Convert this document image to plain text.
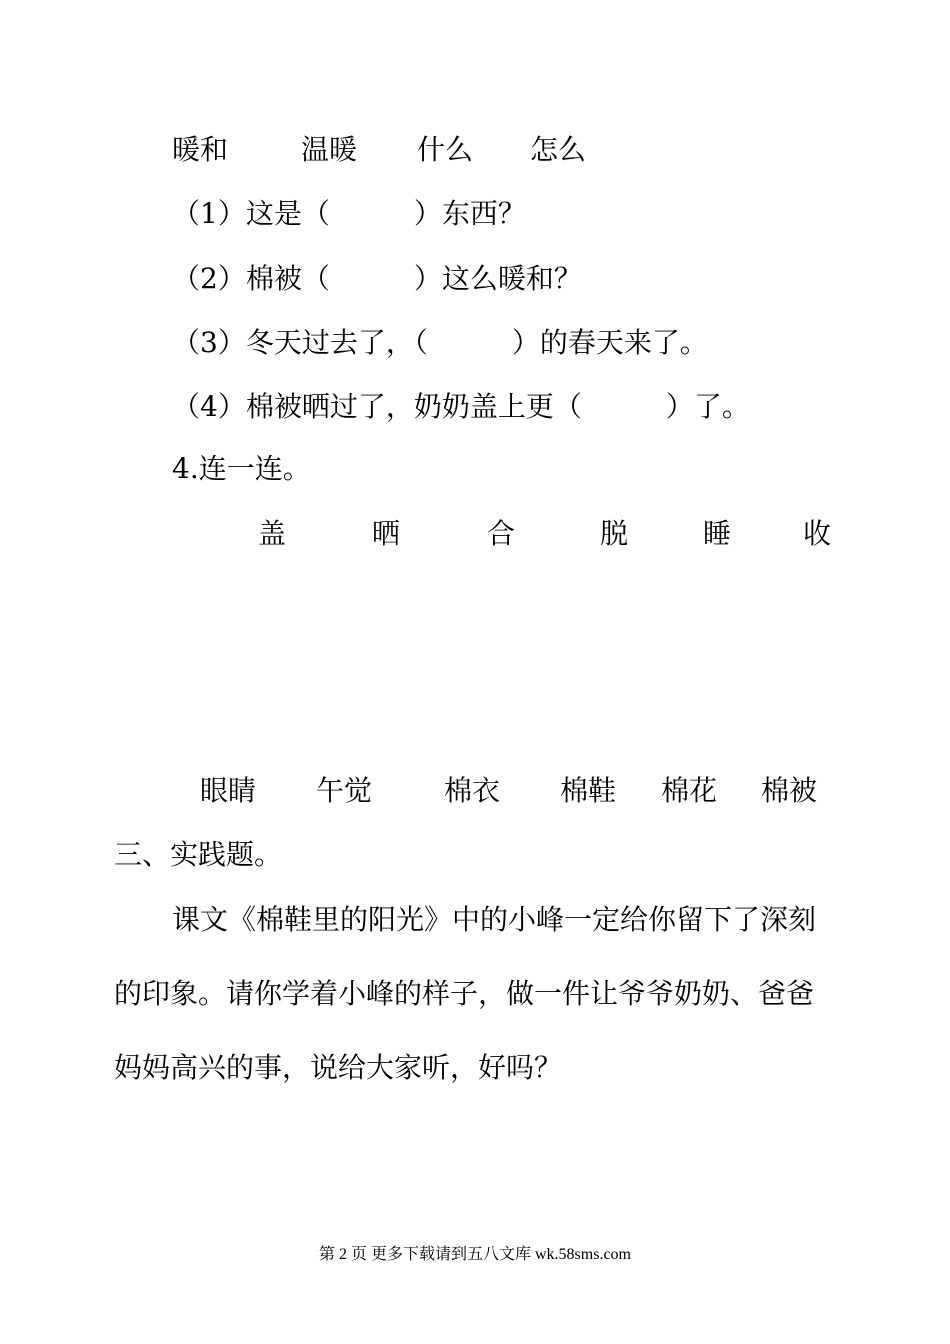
暖和	温暖 什么 怎么
（1）这是（　　　）东西？
（2）棉被（　　　）这么暖和？
（3）冬天过去了，（　　　）的春天来了。
（4）棉被晒过了，奶奶盖上更（　　　）了。
4.连一连。
盖	晒	合	脱	睡	收
眼睛 午觉	棉衣 棉鞋 棉花 棉被
三、实践题。
课文《棉鞋里的阳光》中的小峰一定给你留下了深刻
的印象。请你学着小峰的样子，做一件让爷爷奶奶、爸爸
妈妈高兴的事，说给大家听，好吗？
第 2 页 更多下载请到五八文库 wk.58sms.com
